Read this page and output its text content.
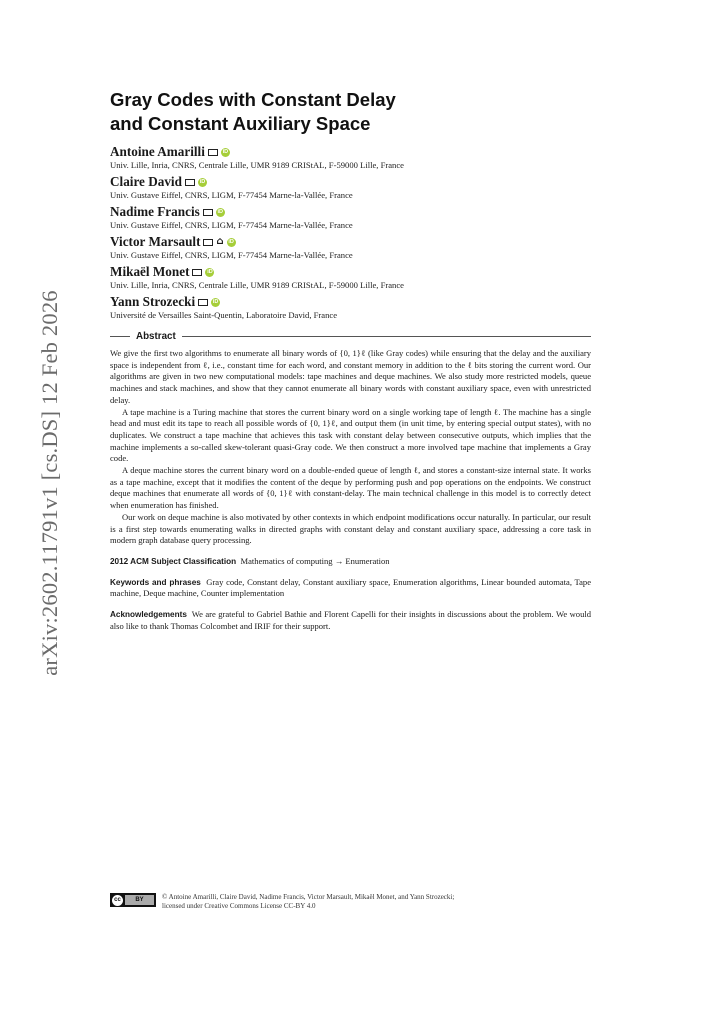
arXiv:2602.11791v1 [cs.DS] 12 Feb 2026
Gray Codes with Constant Delay
and Constant Auxiliary Space
Antoine Amarilli	iD
Univ. Lille, Inria, CNRS, Centrale Lille, UMR 9189 CRIStAL, F-59000 Lille, France
Claire David	iD
Univ. Gustave Eiffel, CNRS, LIGM, F-77454 Marne-la-Vallée, France
Nadime Francis	iD
Univ. Gustave Eiffel, CNRS, LIGM, F-77454 Marne-la-Vallée, France
Victor Marsault ⌂ iD
Univ. Gustave Eiffel, CNRS, LIGM, F-77454 Marne-la-Vallée, France
Mikaël Monet	iD
Univ. Lille, Inria, CNRS, Centrale Lille, UMR 9189 CRIStAL, F-59000 Lille, France
Yann Strozecki	iD
Université de Versailles Saint-Quentin, Laboratoire David, France
Abstract

We give the first two algorithms to enumerate all binary words of {0, 1}ℓ (like Gray codes) while ensuring that the delay and the auxiliary space is independent from ℓ, i.e., constant time for each word, and constant memory in addition to the ℓ bits storing the current word. Our algorithms are given in two new computational models: tape machines and deque machines. We also study more restricted models, queue machines and stack machines, and show that they cannot enumerate all binary words with constant auxiliary space, even with unrestricted delay.

A tape machine is a Turing machine that stores the current binary word on a single working tape of length ℓ. The machine has a single head and must edit its tape to reach all possible words of {0, 1}ℓ, and output them (in unit time, by entering special output states), with no duplicates. We construct a tape machine that achieves this task with constant delay between consecutive outputs, which implies that the machine implements a so-called skew-tolerant quasi-Gray code. We then construct a more involved tape machine that implements a Gray code.

A deque machine stores the current binary word on a double-ended queue of length ℓ, and stores a constant-size internal state. It works as a tape machine, except that it modifies the content of the deque by performing push and pop operations on the endpoints. We construct deque machines that enumerate all words of {0, 1}ℓ with constant-delay. The main technical challenge in this model is to correctly detect when enumeration has finished.

Our work on deque machine is also motivated by other contexts in which endpoint modifications occur naturally. In particular, our result is a first step towards enumerating walks in directed graphs with constant delay and constant auxiliary space, addressing a core task in modern graph database query processing.

2012 ACM Subject Classification Mathematics of computing → Enumeration
Keywords and phrases Gray code, Constant delay, Constant auxiliary space, Enumeration algorithms, Linear bounded automata, Tape machine, Deque machine, Counter implementation
Acknowledgements We are grateful to Gabriel Bathie and Florent Capelli for their insights in discussions about the problem. We would also like to thank Thomas Colcombet and IRIF for their support.
cc	BY	© Antoine Amarilli, Claire David, Nadime Francis, Victor Marsault, Mikaël Monet, and Yann Strozecki;
licensed under Creative Commons License CC-BY 4.0
